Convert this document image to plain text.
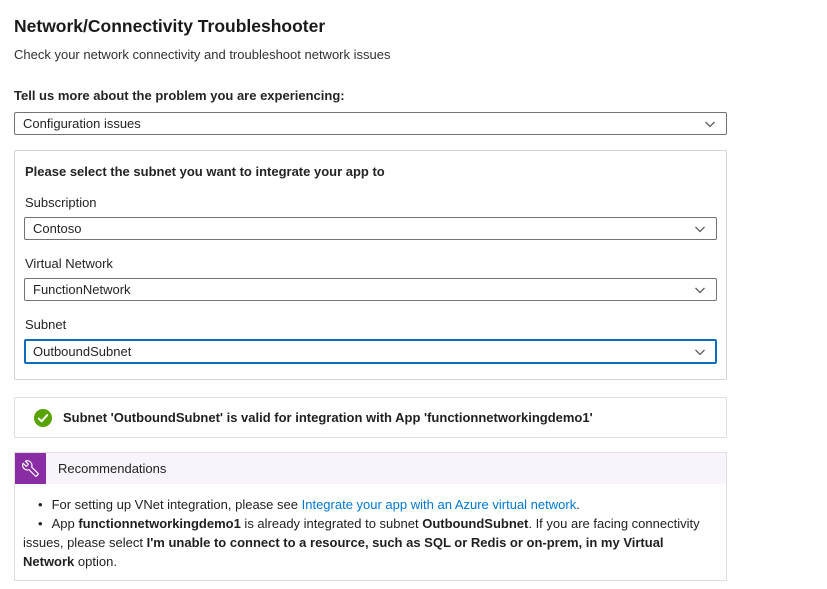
Network/Connectivity Troubleshooter

Check your network connectivity and troubleshoot network issues

Tell us more about the problem you are experiencing:
Configuration issues
Please select the subnet you want to integrate your app to
Subscription
Contoso
Virtual Network
FunctionNetwork
Subnet
OutboundSubnet
Subnet 'OutboundSubnet' is valid for integration with App 'functionnetworkingdemo1'
Recommendations
• For setting up VNet integration, please see Integrate your app with an Azure virtual network.
• App functionnetworkingdemo1 is already integrated to subnet OutboundSubnet. If you are facing connectivity issues, please select I'm unable to connect to a resource, such as SQL or Redis or on-prem, in my Virtual Network option.
